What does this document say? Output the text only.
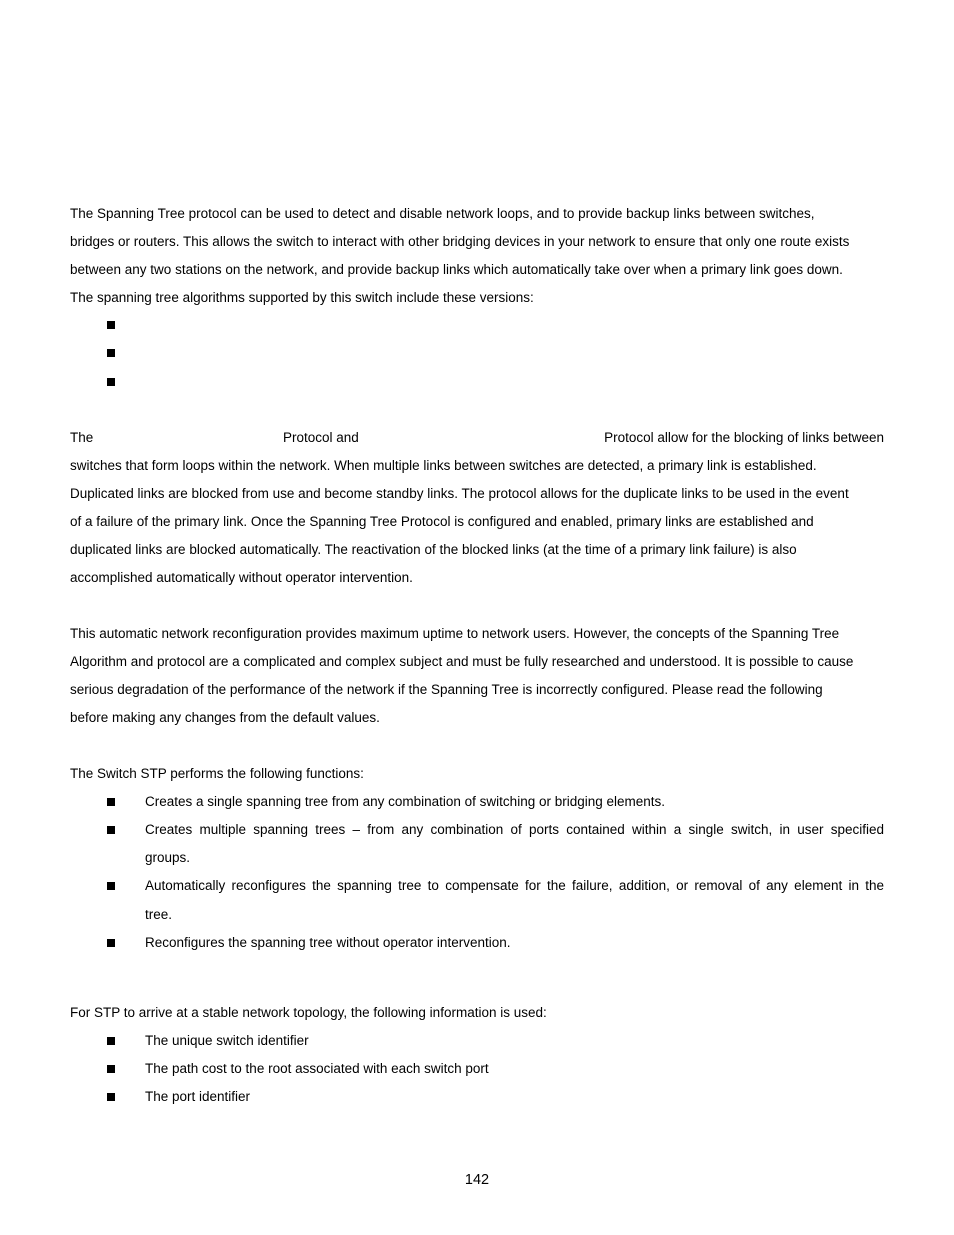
The Spanning Tree protocol can be used to detect and disable network loops, and to provide backup links between switches,
bridges or routers. This allows the switch to interact with other bridging devices in your network to ensure that only one route exists
between any two stations on the network, and provide backup links which automatically take over when a primary link goes down.
The spanning tree algorithms supported by this switch include these versions:
The	Protocol and	Protocol allow for the blocking of links between
switches that form loops within the network. When multiple links between switches are detected, a primary link is established.
Duplicated links are blocked from use and become standby links. The protocol allows for the duplicate links to be used in the event
of a failure of the primary link. Once the Spanning Tree Protocol is configured and enabled, primary links are established and
duplicated links are blocked automatically. The reactivation of the blocked links (at the time of a primary link failure) is also
accomplished automatically without operator intervention.
This automatic network reconfiguration provides maximum uptime to network users. However, the concepts of the Spanning Tree
Algorithm and protocol are a complicated and complex subject and must be fully researched and understood. It is possible to cause
serious degradation of the performance of the network if the Spanning Tree is incorrectly configured. Please read the following
before making any changes from the default values.
The Switch STP performs the following functions:
Creates a single spanning tree from any combination of switching or bridging elements.
Creates multiple spanning trees – from any combination of ports contained within a single switch, in user specified
groups.
Automatically reconfigures the spanning tree to compensate for the failure, addition, or removal of any element in the
tree.
Reconfigures the spanning tree without operator intervention.
For STP to arrive at a stable network topology, the following information is used:
The unique switch identifier
The path cost to the root associated with each switch port
The port identifier
142
